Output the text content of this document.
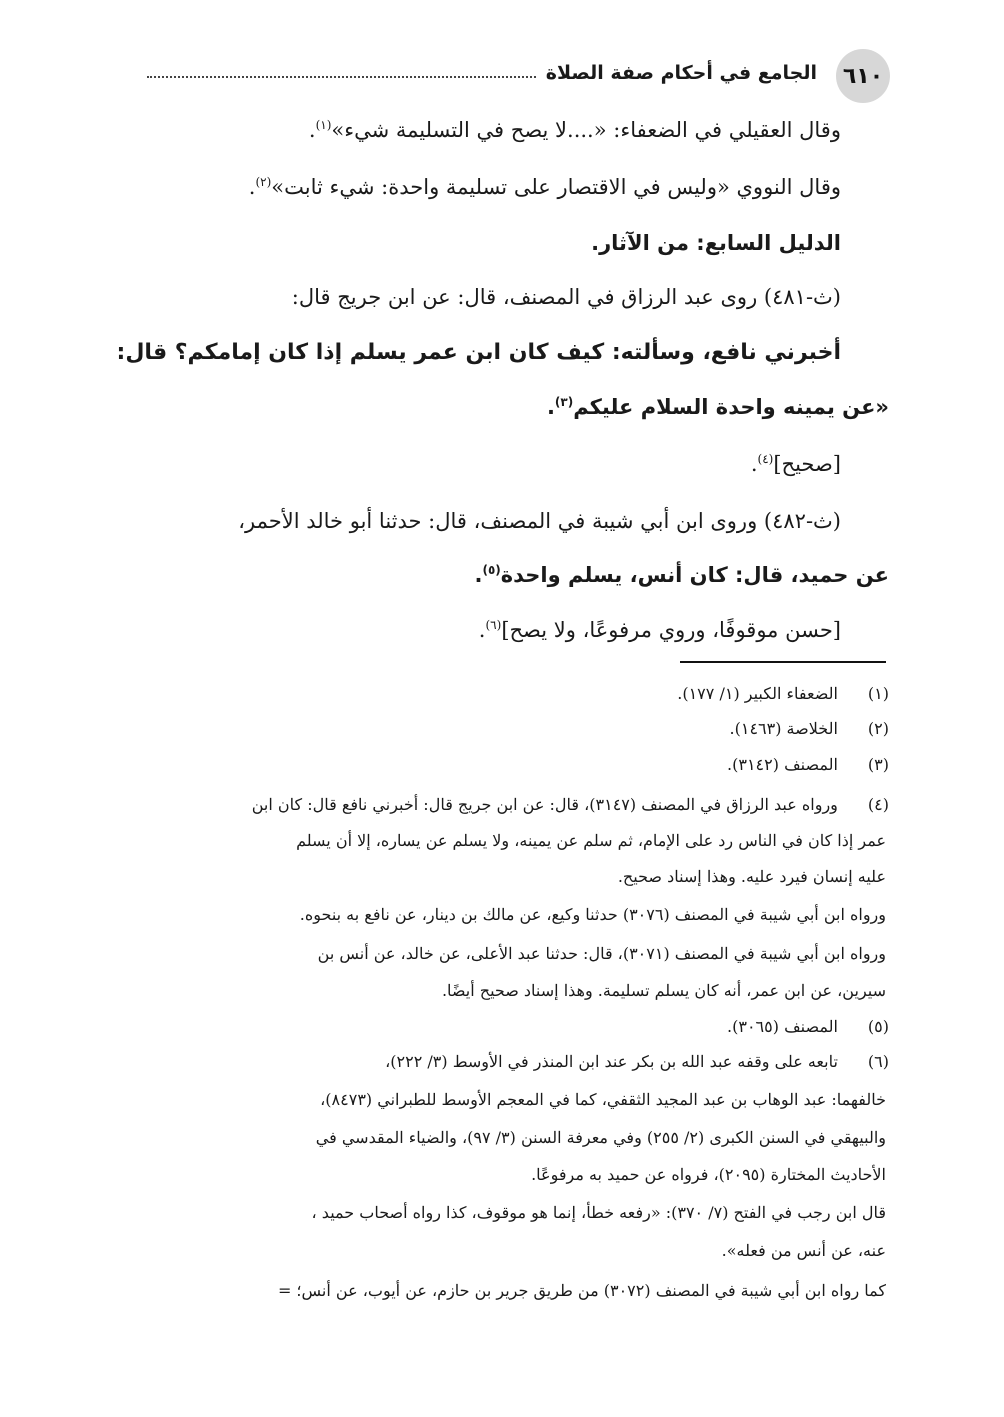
٦١٠
الجامع في أحكام صفة الصلاة

وقال العقيلي في الضعفاء: «....لا يصح في التسليمة شيء»$^{(١)}$.

وقال النووي «وليس في الاقتصار على تسليمة واحدة: شيء ثابت»$^{(٢)}$.

الدليل السابع: من الآثار.

(ث-٤٨١) روى عبد الرزاق في المصنف، قال: عن ابن جريج قال:

أخبرني نافع، وسألته: كيف كان ابن عمر يسلم إذا كان إمامكم؟ قال:

«عن يمينه واحدة السلام عليكم$^{(٣)}$.

[صحيح]$^{(٤)}$.

(ث-٤٨٢) وروى ابن أبي شيبة في المصنف، قال: حدثنا أبو خالد الأحمر،

عن حميد، قال: كان أنس، يسلم واحدة$^{(٥)}$.

[حسن موقوفًا، وروي مرفوعًا، ولا يصح]$^{(٦)}$.

(١) الضعفاء الكبير (١/ ١٧٧).
(٢) الخلاصة (١٤٦٣).
(٣) المصنف (٣١٤٢).
(٤) ورواه عبد الرزاق في المصنف (٣١٤٧)، قال: عن ابن جريج قال: أخبرني نافع قال: كان ابن
عمر إذا كان في الناس رد على الإمام، ثم سلم عن يمينه، ولا يسلم عن يساره، إلا أن يسلم
عليه إنسان فيرد عليه. وهذا إسناد صحيح.
ورواه ابن أبي شيبة في المصنف (٣٠٧٦) حدثنا وكيع، عن مالك بن دينار، عن نافع به بنحوه.
ورواه ابن أبي شيبة في المصنف (٣٠٧١)، قال: حدثنا عبد الأعلى، عن خالد، عن أنس بن
سيرين، عن ابن عمر، أنه كان يسلم تسليمة. وهذا إسناد صحيح أيضًا.
(٥) المصنف (٣٠٦٥).
(٦) تابعه على وقفه عبد الله بن بكر عند ابن المنذر في الأوسط (٣/ ٢٢٢)،
خالفهما: عبد الوهاب بن عبد المجيد الثقفي، كما في المعجم الأوسط للطبراني (٨٤٧٣)،
والبيهقي في السنن الكبرى (٢/ ٢٥٥) وفي معرفة السنن (٣/ ٩٧)، والضياء المقدسي في
الأحاديث المختارة (٢٠٩٥)، فرواه عن حميد به مرفوعًا.
قال ابن رجب في الفتح (٧/ ٣٧٠): «رفعه خطأ، إنما هو موقوف، كذا رواه أصحاب حميد ،
عنه، عن أنس من فعله».
كما رواه ابن أبي شيبة في المصنف (٣٠٧٢) من طريق جرير بن حازم، عن أيوب، عن أنس؛ =
